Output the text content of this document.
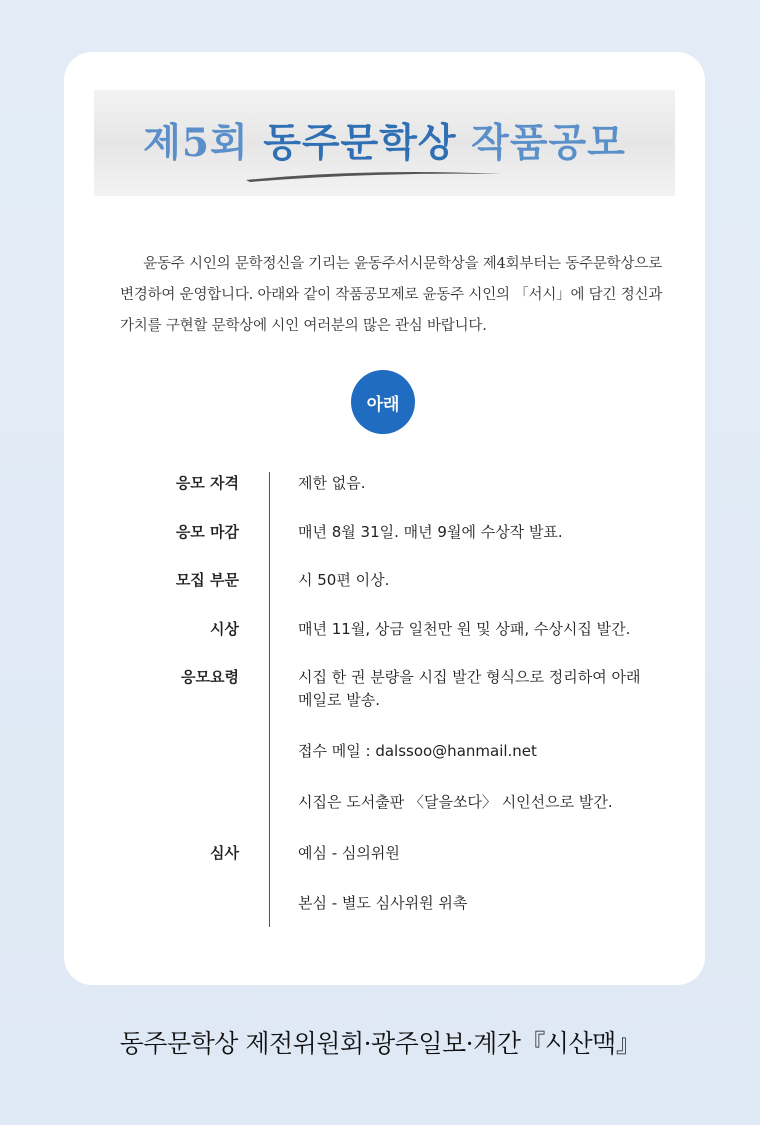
제5회 동주문학상 작품공모

윤동주 시인의 문학정신을 기리는 윤동주서시문학상을 제4회부터는 동주문학상으로 변경하여 운영합니다. 아래와 같이 작품공모제로 윤동주 시인의 「서시」에 담긴 정신과 가치를 구현할 문학상에 시인 여러분의 많은 관심 바랍니다.

아래
응모 자격	제한 없음.
응모 마감	매년 8월 31일. 매년 9월에 수상작 발표.
모집 부문	시 50편 이상.
시상	매년 11월, 상금 일천만 원 및 상패, 수상시집 발간.
응모요령	시집 한 권 분량을 시집 발간 형식으로 정리하여 아래 메일로 발송.
접수 메일 : dalssoo@hanmail.net
시집은 도서출판 〈달을쏘다〉 시인선으로 발간.
심사	예심 - 심의위원
본심 - 별도 심사위원 위촉
동주문학상 제전위원회·광주일보·계간『시산맥』
